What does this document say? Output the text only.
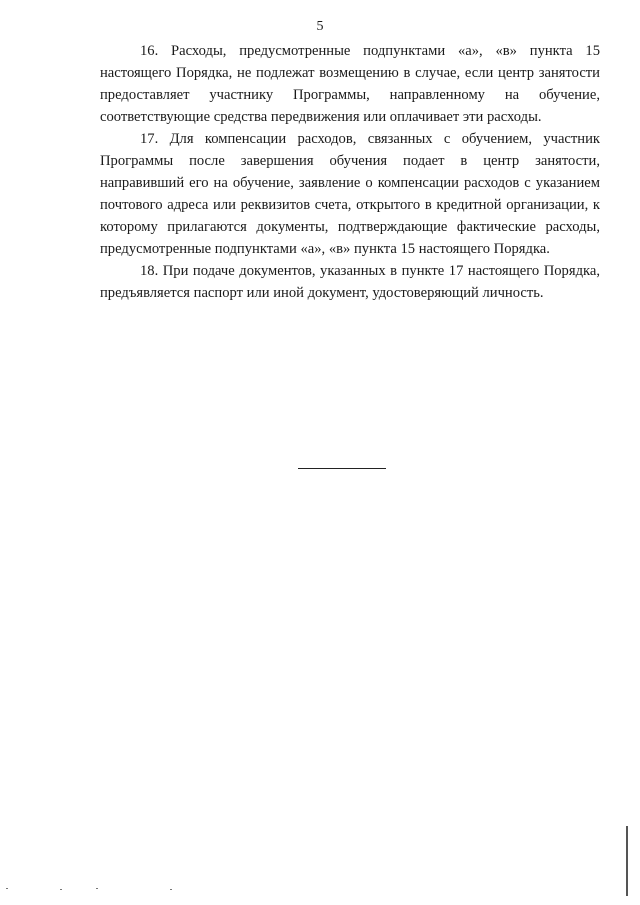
5

16. Расходы, предусмотренные подпунктами «а», «в» пункта 15 настоящего Порядка, не подлежат возмещению в случае, если центр занятости предоставляет участнику Программы, направленному на обучение, соответствующие средства передвижения или оплачивает эти расходы.

17. Для компенсации расходов, связанных с обучением, участник Программы после завершения обучения подает в центр занятости, направивший его на обучение, заявление о компенсации расходов с указанием почтового адреса или реквизитов счета, открытого в кредитной организации, к которому прилагаются документы, подтверждающие фактические расходы, предусмотренные подпунктами «а», «в» пункта 15 настоящего Порядка.

18. При подаче документов, указанных в пункте 17 настоящего Порядка, предъявляется паспорт или иной документ, удостоверяющий личность.
